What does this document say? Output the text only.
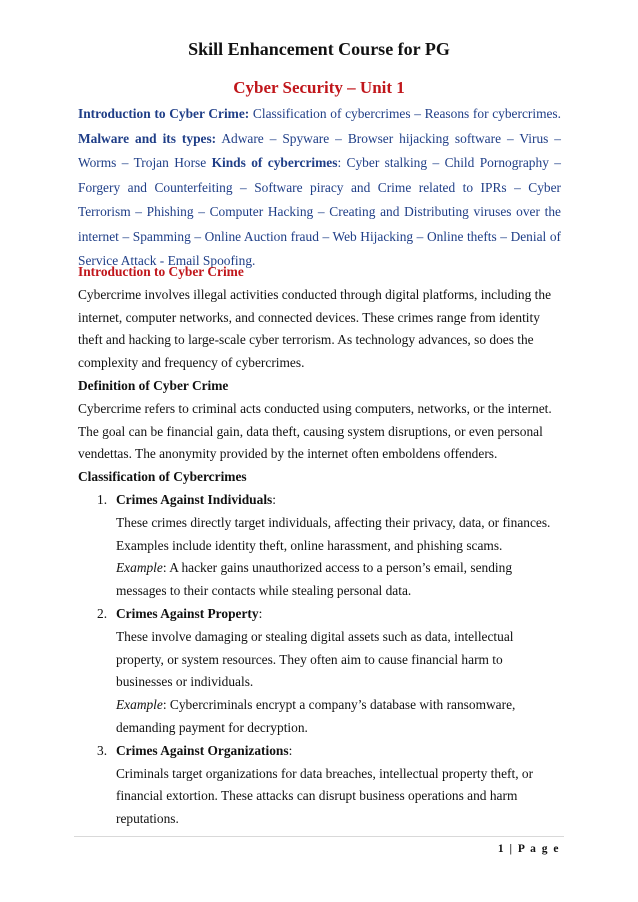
Skill Enhancement Course for PG
Cyber Security – Unit 1
Introduction to Cyber Crime: Classification of cybercrimes – Reasons for cybercrimes. Malware and its types: Adware – Spyware – Browser hijacking software – Virus – Worms – Trojan Horse Kinds of cybercrimes: Cyber stalking – Child Pornography – Forgery and Counterfeiting – Software piracy and Crime related to IPRs – Cyber Terrorism – Phishing – Computer Hacking – Creating and Distributing viruses over the internet – Spamming – Online Auction fraud – Web Hijacking – Online thefts – Denial of Service Attack - Email Spoofing.
Introduction to Cyber Crime

Cybercrime involves illegal activities conducted through digital platforms, including the internet, computer networks, and connected devices. These crimes range from identity theft and hacking to large-scale cyber terrorism. As technology advances, so does the complexity and frequency of cybercrimes.

Definition of Cyber Crime

Cybercrime refers to criminal acts conducted using computers, networks, or the internet. The goal can be financial gain, data theft, causing system disruptions, or even personal vendettas. The anonymity provided by the internet often emboldens offenders.

Classification of Cybercrimes
1. Crimes Against Individuals:
These crimes directly target individuals, affecting their privacy, data, or finances.
Examples include identity theft, online harassment, and phishing scams.
Example: A hacker gains unauthorized access to a person’s email, sending messages to their contacts while stealing personal data.
2. Crimes Against Property:
These involve damaging or stealing digital assets such as data, intellectual property, or system resources. They often aim to cause financial harm to businesses or individuals.
Example: Cybercriminals encrypt a company’s database with ransomware, demanding payment for decryption.
3. Crimes Against Organizations:
Criminals target organizations for data breaches, intellectual property theft, or financial extortion. These attacks can disrupt business operations and harm reputations.
1 | P a g e
